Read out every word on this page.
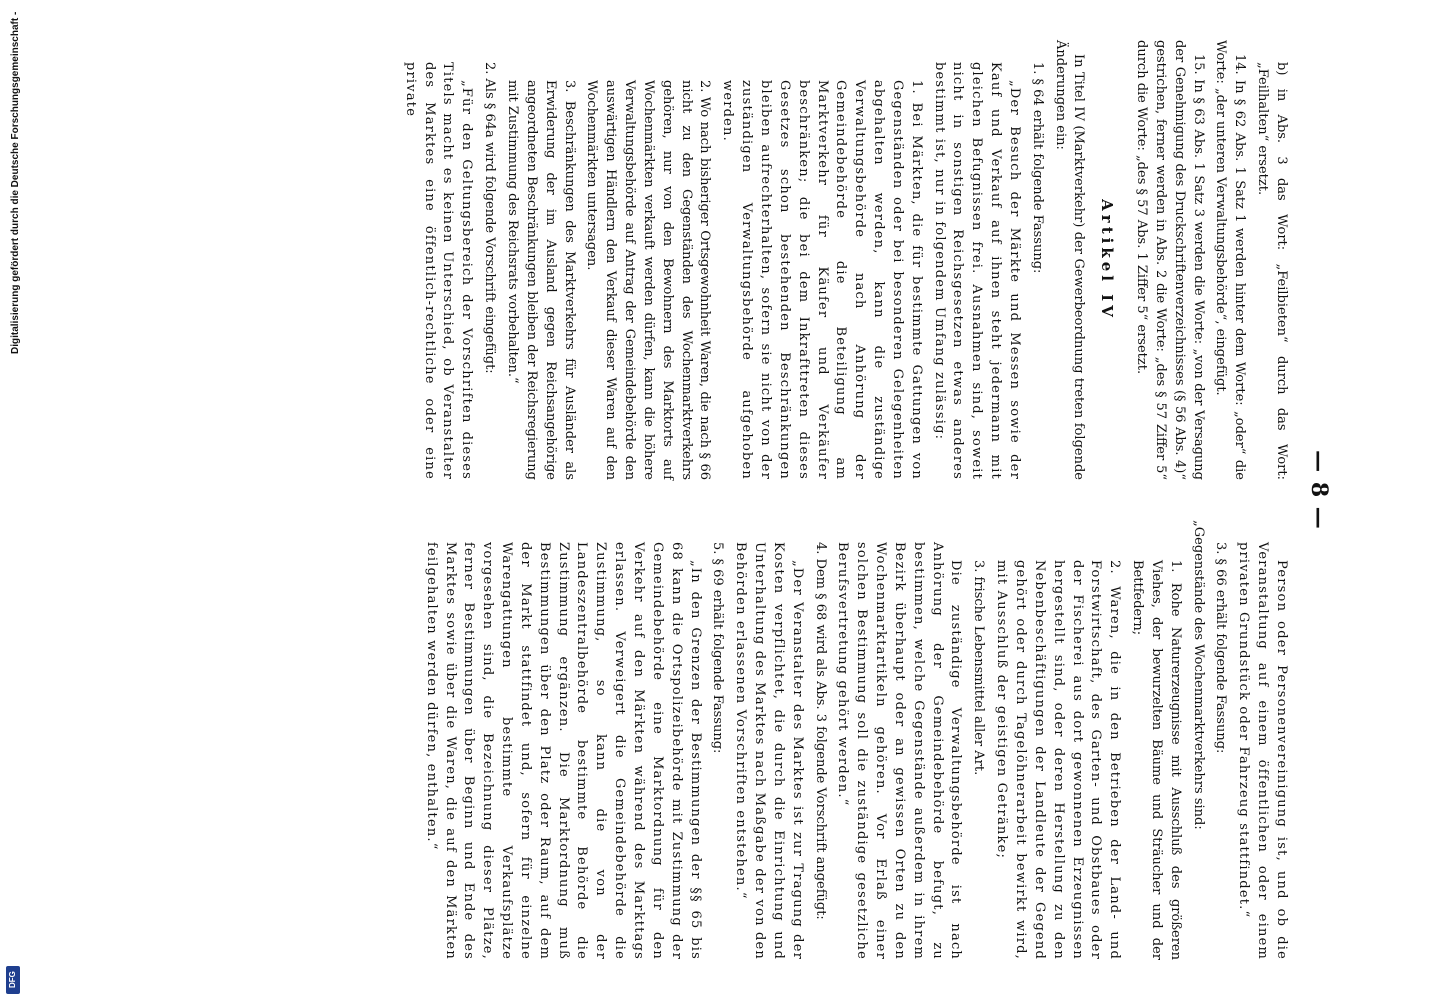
— 8 —

b) in Abs. 3 das Wort: „Feilbieten“ durch das Wort: „Feilhalten“ ersetzt.

14. In § 62 Abs. 1 Satz 1 werden hinter dem Worte: „oder“ die Worte: „der unteren Verwaltungsbehörde“, eingefügt.

15. In § 63 Abs. 1 Satz 3 werden die Worte: „von der Versagung der Genehmigung des Druckschriftenverzeichnisses (§ 56 Abs. 4)“ gestrichen, ferner werden in Abs. 2 die Worte: „des § 57 Ziffer 5“ durch die Worte: „des § 57 Abs. 1 Ziffer 5“ ersetzt.

Artikel IV

In Titel IV (Marktverkehr) der Gewerbeordnung treten folgende Änderungen ein:

1. § 64 erhält folgende Fassung:

„Der Besuch der Märkte und Messen sowie der Kauf und Verkauf auf ihnen steht jedermann mit gleichen Befugnissen frei. Ausnahmen sind, soweit nicht in sonstigen Reichsgesetzen etwas anderes bestimmt ist, nur in folgendem Umfang zulässig:

1. Bei Märkten, die für bestimmte Gattungen von Gegenständen oder bei besonderen Gelegenheiten abgehalten werden, kann die zuständige Verwaltungsbehörde nach Anhörung der Gemeindebehörde die Beteiligung am Marktverkehr für Käufer und Verkäufer beschränken; die bei dem Inkrafttreten dieses Gesetzes schon bestehenden Beschränkungen bleiben aufrechterhalten, sofern sie nicht von der zuständigen Verwaltungsbehörde aufgehoben werden.

2. Wo nach bisheriger Ortsgewohnheit Waren, die nach § 66 nicht zu den Gegenständen des Wochenmarktverkehrs gehören, nur von den Bewohnern des Marktorts auf Wochenmärkten verkauft werden dürfen, kann die höhere Verwaltungsbehörde auf Antrag der Gemeindebehörde den auswärtigen Händlern den Verkauf dieser Waren auf den Wochenmärkten untersagen.

3. Beschränkungen des Marktverkehrs für Ausländer als Erwiderung der im Ausland gegen Reichsangehörige angeordneten Beschränkungen bleiben der Reichsregierung mit Zustimmung des Reichsrats vorbehalten.“

2. Als § 64a wird folgende Vorschrift eingefügt:

„Für den Geltungsbereich der Vorschriften dieses Titels macht es keinen Unterschied, ob Veranstalter des Marktes eine öffentlich-rechtliche oder eine private

Person oder Personenvereinigung ist, und ob die Veranstaltung auf einem öffentlichen oder einem privaten Grundstück oder Fahrzeug stattfindet.“

3. § 66 erhält folgende Fassung:

„Gegenstände des Wochenmarktverkehrs sind:

1. Rohe Naturerzeugnisse mit Ausschluß des größeren Viehes, der bewurzelten Bäume und Sträucher und der Bettfedern;

2. Waren, die in den Betrieben der Land- und Forstwirtschaft, des Garten- und Obstbaues oder der Fischerei aus dort gewonnenen Erzeugnissen hergestellt sind, oder deren Herstellung zu den Nebenbeschäftigungen der Landleute der Gegend gehört oder durch Tagelöhnerarbeit bewirkt wird, mit Ausschluß der geistigen Getränke;

3. frische Lebensmittel aller Art.

Die zuständige Verwaltungsbehörde ist nach Anhörung der Gemeindebehörde befugt, zu bestimmen, welche Gegenstände außerdem in ihrem Bezirk überhaupt oder an gewissen Orten zu den Wochenmarktartikeln gehören. Vor Erlaß einer solchen Bestimmung soll die zuständige gesetzliche Berufsvertretung gehört werden.“

4. Dem § 68 wird als Abs. 3 folgende Vorschrift angefügt:

„Der Veranstalter des Marktes ist zur Tragung der Kosten verpflichtet, die durch die Einrichtung und Unterhaltung des Marktes nach Maßgabe der von den Behörden erlassenen Vorschriften entstehen.“

5. § 69 erhält folgende Fassung:

„In den Grenzen der Bestimmungen der §§ 65 bis 68 kann die Ortspolizeibehörde mit Zustimmung der Gemeindebehörde eine Marktordnung für den Verkehr auf den Märkten während des Markttags erlassen. Verweigert die Gemeindebehörde die Zustimmung, so kann die von der Landeszentralbehörde bestimmte Behörde die Zustimmung ergänzen. Die Marktordnung muß Bestimmungen über den Platz oder Raum, auf dem der Markt stattfindet und, sofern für einzelne Warengattungen bestimmte Verkaufsplätze vorgesehen sind, die Bezeichnung dieser Plätze, ferner Bestimmungen über Beginn und Ende des Marktes sowie über die Waren, die auf den Märkten feilgehalten werden dürfen, enthalten.“

Digitalisierung gefördert durch die Deutsche Forschungsgemeinschaft -
DFG
